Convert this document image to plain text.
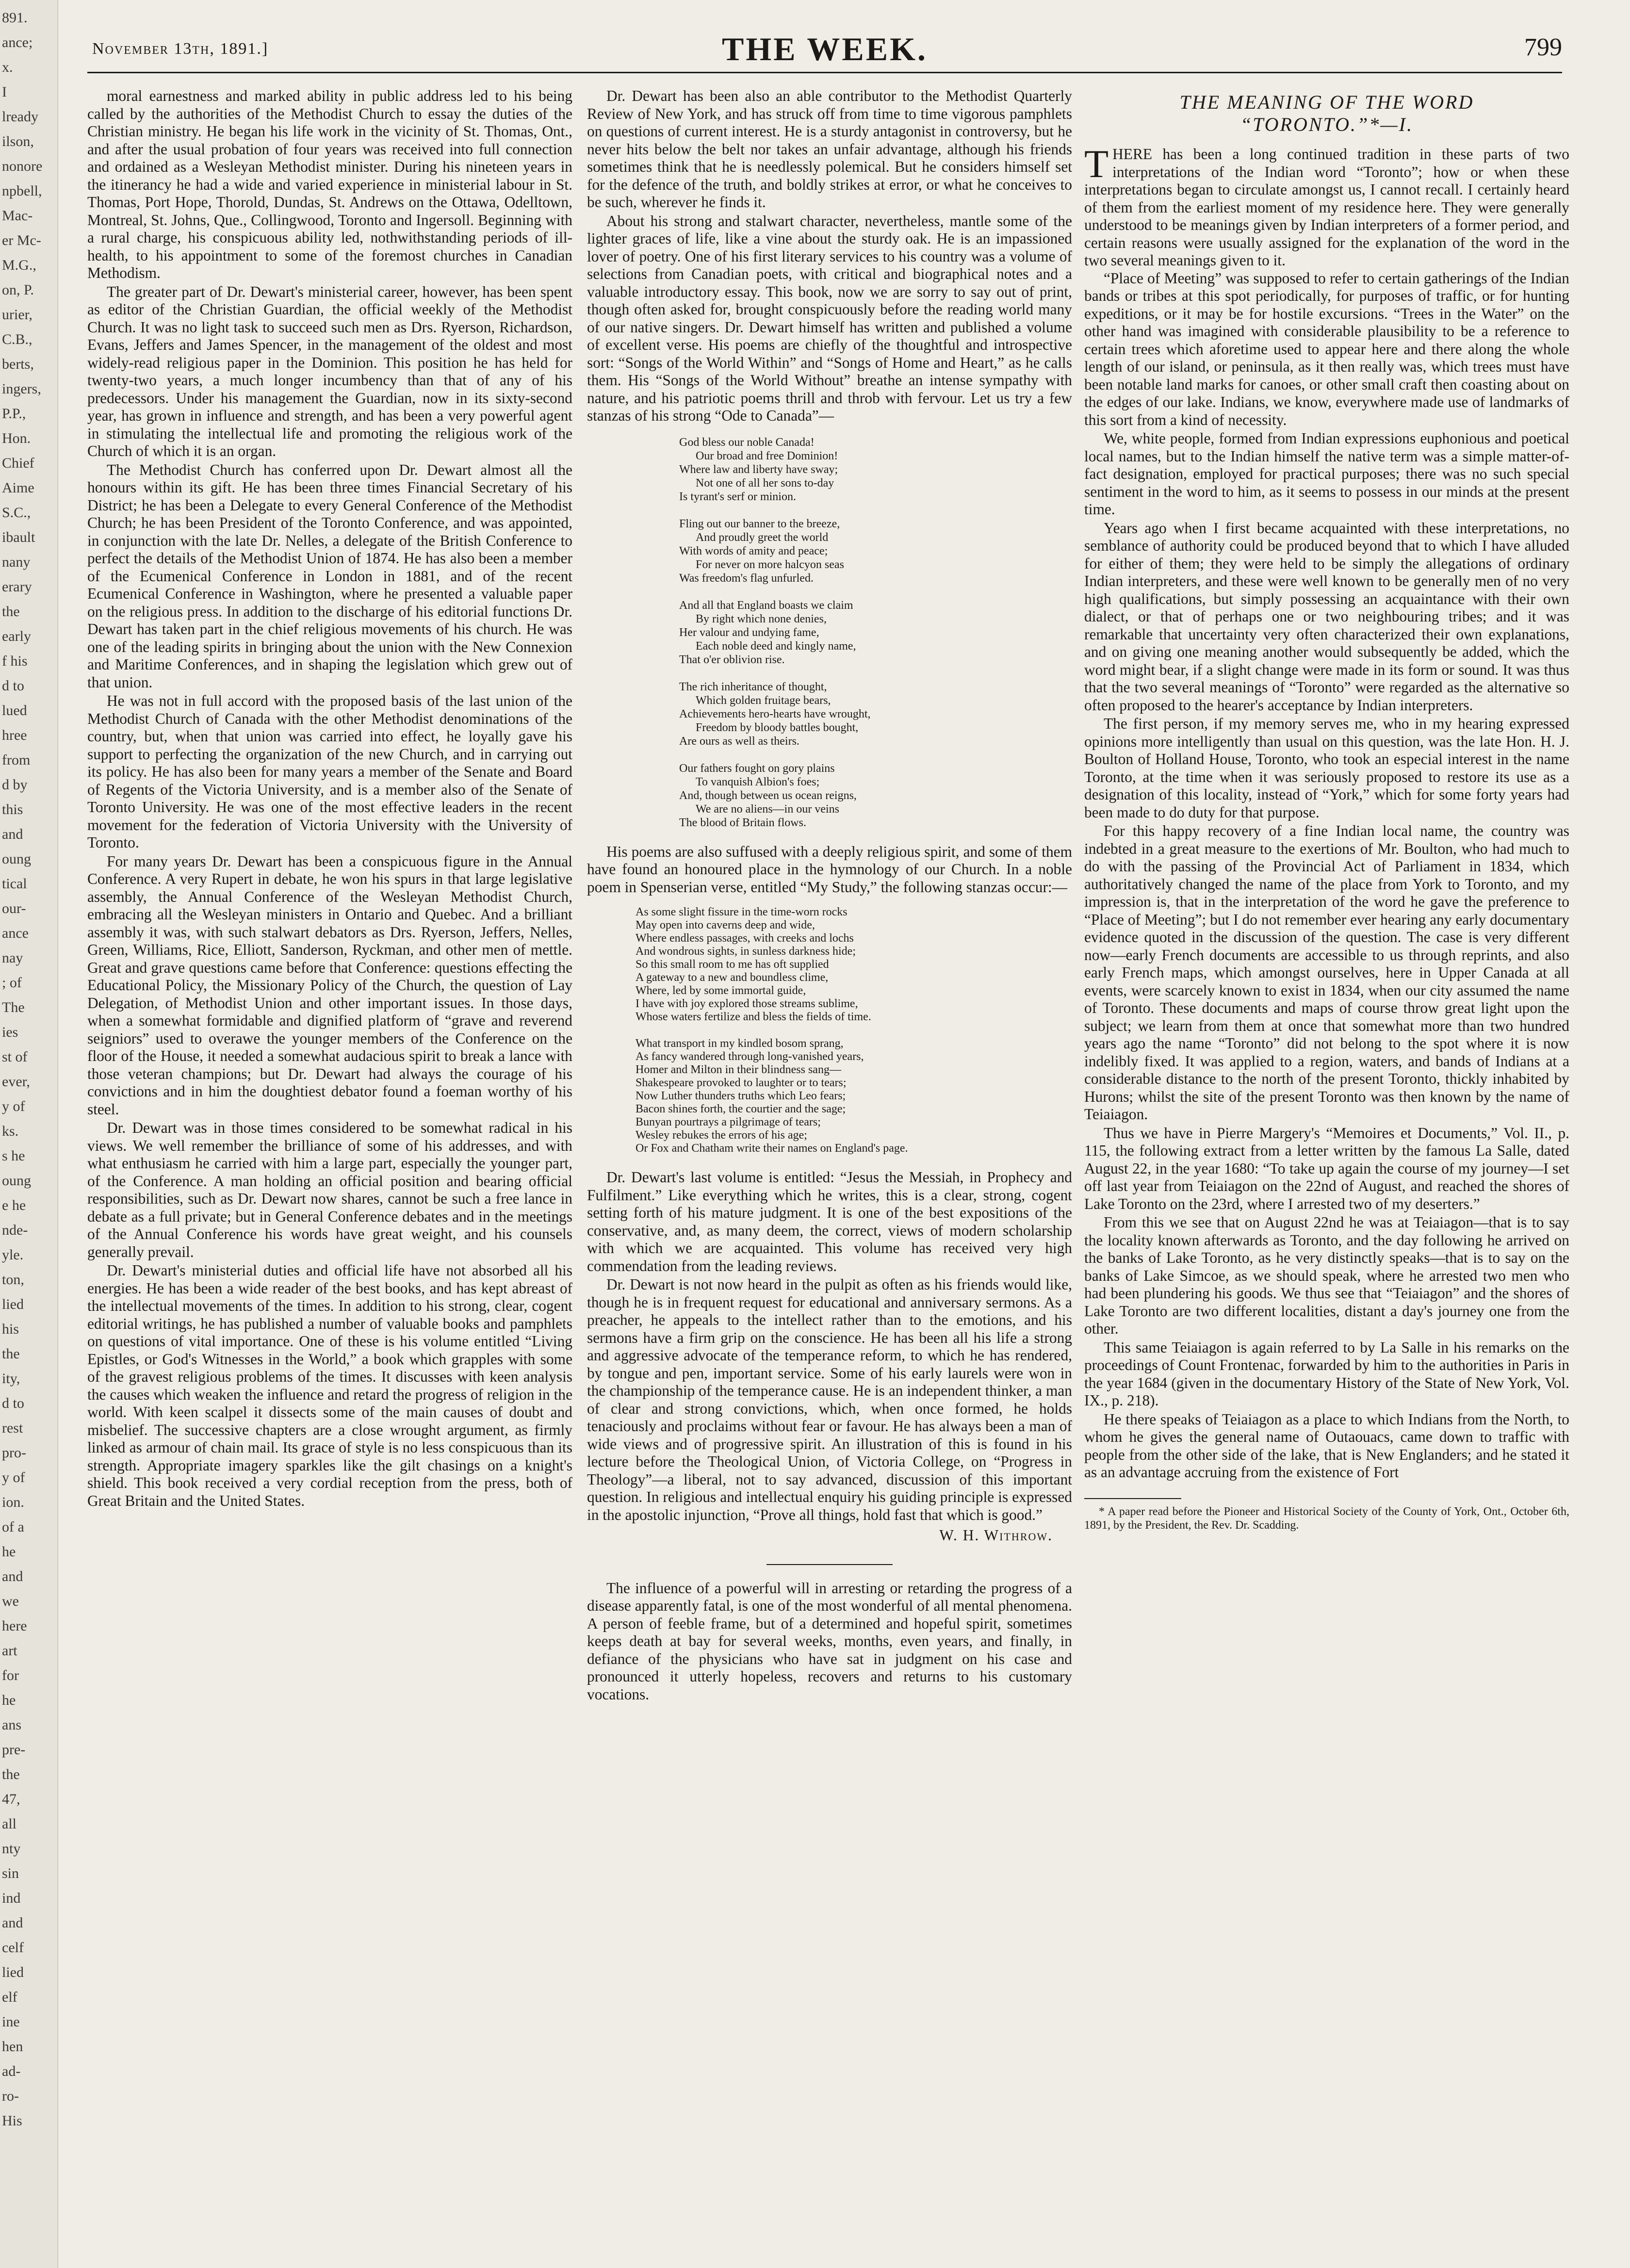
891.
ance;
x.
I
lready
ilson,
nonore
npbell,
Mac-
er Mc-
M.G.,
on, P.
urier,
C.B.,
berts,
ingers,
P.P.,
Hon.
Chief
Aime
S.C.,
ibault
nany
erary
the
early
f his
d to
lued
hree
from
d by
this
and
oung
tical
our-
ance
nay
; of
The
ies
st of
ever,
y of
ks.
s he
oung
e he
nde-
yle.
ton,
lied
his
the
ity,
d to
rest
pro-
y of
ion.
of a
he
and
we
here
art
for
he
ans
pre-
the
47,
all
nty
sin
ind
and
celf
lied
elf
ine
hen
ad-
ro-
His
November 13th, 1891.]	THE WEEK.	799

moral earnestness and marked ability in public address led to his being called by the authorities of the Methodist Church to essay the duties of the Christian ministry. He began his life work in the vicinity of St. Thomas, Ont., and after the usual probation of four years was received into full connection and ordained as a Wesleyan Methodist minister. During his nineteen years in the itinerancy he had a wide and varied experience in ministerial labour in St. Thomas, Port Hope, Thorold, Dundas, St. Andrews on the Ottawa, Odelltown, Montreal, St. Johns, Que., Collingwood, Toronto and Ingersoll. Beginning with a rural charge, his conspicuous ability led, nothwithstanding periods of ill-health, to his appointment to some of the foremost churches in Canadian Methodism.

The greater part of Dr. Dewart's ministerial career, however, has been spent as editor of the Christian Guardian, the official weekly of the Methodist Church. It was no light task to succeed such men as Drs. Ryerson, Richardson, Evans, Jeffers and James Spencer, in the management of the oldest and most widely-read religious paper in the Dominion. This position he has held for twenty-two years, a much longer incumbency than that of any of his predecessors. Under his management the Guardian, now in its sixty-second year, has grown in influence and strength, and has been a very powerful agent in stimulating the intellectual life and promoting the religious work of the Church of which it is an organ.

The Methodist Church has conferred upon Dr. Dewart almost all the honours within its gift. He has been three times Financial Secretary of his District; he has been a Delegate to every General Conference of the Methodist Church; he has been President of the Toronto Conference, and was appointed, in conjunction with the late Dr. Nelles, a delegate of the British Conference to perfect the details of the Methodist Union of 1874. He has also been a member of the Ecumenical Conference in London in 1881, and of the recent Ecumenical Conference in Washington, where he presented a valuable paper on the religious press. In addition to the discharge of his editorial functions Dr. Dewart has taken part in the chief religious movements of his church. He was one of the leading spirits in bringing about the union with the New Connexion and Maritime Conferences, and in shaping the legislation which grew out of that union.

He was not in full accord with the proposed basis of the last union of the Methodist Church of Canada with the other Methodist denominations of the country, but, when that union was carried into effect, he loyally gave his support to perfecting the organization of the new Church, and in carrying out its policy. He has also been for many years a member of the Senate and Board of Regents of the Victoria University, and is a member also of the Senate of Toronto University. He was one of the most effective leaders in the recent movement for the federation of Victoria University with the University of Toronto.

For many years Dr. Dewart has been a conspicuous figure in the Annual Conference. A very Rupert in debate, he won his spurs in that large legislative assembly, the Annual Conference of the Wesleyan Methodist Church, embracing all the Wesleyan ministers in Ontario and Quebec. And a brilliant assembly it was, with such stalwart debators as Drs. Ryerson, Jeffers, Nelles, Green, Williams, Rice, Elliott, Sanderson, Ryckman, and other men of mettle. Great and grave questions came before that Conference: questions effecting the Educational Policy, the Missionary Policy of the Church, the question of Lay Delegation, of Methodist Union and other important issues. In those days, when a somewhat formidable and dignified platform of “grave and reverend seigniors” used to overawe the younger members of the Conference on the floor of the House, it needed a somewhat audacious spirit to break a lance with those veteran champions; but Dr. Dewart had always the courage of his convictions and in him the doughtiest debator found a foeman worthy of his steel.

Dr. Dewart was in those times considered to be somewhat radical in his views. We well remember the brilliance of some of his addresses, and with what enthusiasm he carried with him a large part, especially the younger part, of the Conference. A man holding an official position and bearing official responsibilities, such as Dr. Dewart now shares, cannot be such a free lance in debate as a full private; but in General Conference debates and in the meetings of the Annual Conference his words have great weight, and his counsels generally prevail.

Dr. Dewart's ministerial duties and official life have not absorbed all his energies. He has been a wide reader of the best books, and has kept abreast of the intellectual movements of the times. In addition to his strong, clear, cogent editorial writings, he has published a number of valuable books and pamphlets on questions of vital importance. One of these is his volume entitled “Living Epistles, or God's Witnesses in the World,” a book which grapples with some of the gravest religious problems of the times. It discusses with keen analysis the causes which weaken the influence and retard the progress of religion in the world. With keen scalpel it dissects some of the main causes of doubt and misbelief. The successive chapters are a close wrought argument, as firmly linked as armour of chain mail. Its grace of style is no less conspicuous than its strength. Appropriate imagery sparkles like the gilt chasings on a knight's shield. This book received a very cordial reception from the press, both of Great Britain and the United States.

Dr. Dewart has been also an able contributor to the Methodist Quarterly Review of New York, and has struck off from time to time vigorous pamphlets on questions of current interest. He is a sturdy antagonist in controversy, but he never hits below the belt nor takes an unfair advantage, although his friends sometimes think that he is needlessly polemical. But he considers himself set for the defence of the truth, and boldly strikes at error, or what he conceives to be such, wherever he finds it.

About his strong and stalwart character, nevertheless, mantle some of the lighter graces of life, like a vine about the sturdy oak. He is an impassioned lover of poetry. One of his first literary services to his country was a volume of selections from Canadian poets, with critical and biographical notes and a valuable introductory essay. This book, now we are sorry to say out of print, though often asked for, brought conspicuously before the reading world many of our native singers. Dr. Dewart himself has written and published a volume of excellent verse. His poems are chiefly of the thoughtful and introspective sort: “Songs of the World Within” and “Songs of Home and Heart,” as he calls them. His “Songs of the World Without” breathe an intense sympathy with nature, and his patriotic poems thrill and throb with fervour. Let us try a few stanzas of his strong “Ode to Canada”—

God bless our noble Canada!
Our broad and free Dominion!
Where law and liberty have sway;
Not one of all her sons to-day
Is tyrant's serf or minion.
Fling out our banner to the breeze,
And proudly greet the world
With words of amity and peace;
For never on more halcyon seas
Was freedom's flag unfurled.
And all that England boasts we claim
By right which none denies,
Her valour and undying fame,
Each noble deed and kingly name,
That o'er oblivion rise.
The rich inheritance of thought,
Which golden fruitage bears,
Achievements hero-hearts have wrought,
Freedom by bloody battles bought,
Are ours as well as theirs.
Our fathers fought on gory plains
To vanquish Albion's foes;
And, though between us ocean reigns,
We are no aliens—in our veins
The blood of Britain flows.

His poems are also suffused with a deeply religious spirit, and some of them have found an honoured place in the hymnology of our Church. In a noble poem in Spenserian verse, entitled “My Study,” the following stanzas occur:—

As some slight fissure in the time-worn rocks
May open into caverns deep and wide,
Where endless passages, with creeks and lochs
And wondrous sights, in sunless darkness hide;
So this small room to me has oft supplied
A gateway to a new and boundless clime,
Where, led by some immortal guide,
I have with joy explored those streams sublime,
Whose waters fertilize and bless the fields of time.
What transport in my kindled bosom sprang,
As fancy wandered through long-vanished years,
Homer and Milton in their blindness sang—
Shakespeare provoked to laughter or to tears;
Now Luther thunders truths which Leo fears;
Bacon shines forth, the courtier and the sage;
Bunyan pourtrays a pilgrimage of tears;
Wesley rebukes the errors of his age;
Or Fox and Chatham write their names on England's page.

Dr. Dewart's last volume is entitled: “Jesus the Messiah, in Prophecy and Fulfilment.” Like everything which he writes, this is a clear, strong, cogent setting forth of his mature judgment. It is one of the best expositions of the conservative, and, as many deem, the correct, views of modern scholarship with which we are acquainted. This volume has received very high commendation from the leading reviews.

Dr. Dewart is not now heard in the pulpit as often as his friends would like, though he is in frequent request for educational and anniversary sermons. As a preacher, he appeals to the intellect rather than to the emotions, and his sermons have a firm grip on the conscience. He has been all his life a strong and aggressive advocate of the temperance reform, to which he has rendered, by tongue and pen, important service. Some of his early laurels were won in the championship of the temperance cause. He is an independent thinker, a man of clear and strong convictions, which, when once formed, he holds tenaciously and proclaims without fear or favour. He has always been a man of wide views and of progressive spirit. An illustration of this is found in his lecture before the Theological Union, of Victoria College, on “Progress in Theology”—a liberal, not to say advanced, discussion of this important question. In religious and intellectual enquiry his guiding principle is expressed in the apostolic injunction, “Prove all things, hold fast that which is good.”

W. H. Withrow.

The influence of a powerful will in arresting or retarding the progress of a disease apparently fatal, is one of the most wonderful of all mental phenomena. A person of feeble frame, but of a determined and hopeful spirit, sometimes keeps death at bay for several weeks, months, even years, and finally, in defiance of the physicians who have sat in judgment on his case and pronounced it utterly hopeless, recovers and returns to his customary vocations.

THE MEANING OF THE WORD
“TORONTO.”*—I.

THERE has been a long continued tradition in these parts of two interpretations of the Indian word “Toronto”; how or when these interpretations began to circulate amongst us, I cannot recall. I certainly heard of them from the earliest moment of my residence here. They were generally understood to be meanings given by Indian interpreters of a former period, and certain reasons were usually assigned for the explanation of the word in the two several meanings given to it.

“Place of Meeting” was supposed to refer to certain gatherings of the Indian bands or tribes at this spot periodically, for purposes of traffic, or for hunting expeditions, or it may be for hostile excursions. “Trees in the Water” on the other hand was imagined with considerable plausibility to be a reference to certain trees which aforetime used to appear here and there along the whole length of our island, or peninsula, as it then really was, which trees must have been notable land marks for canoes, or other small craft then coasting about on the edges of our lake. Indians, we know, everywhere made use of landmarks of this sort from a kind of necessity.

We, white people, formed from Indian expressions euphonious and poetical local names, but to the Indian himself the native term was a simple matter-of-fact designation, employed for practical purposes; there was no such special sentiment in the word to him, as it seems to possess in our minds at the present time.

Years ago when I first became acquainted with these interpretations, no semblance of authority could be produced beyond that to which I have alluded for either of them; they were held to be simply the allegations of ordinary Indian interpreters, and these were well known to be generally men of no very high qualifications, but simply possessing an acquaintance with their own dialect, or that of perhaps one or two neighbouring tribes; and it was remarkable that uncertainty very often characterized their own explanations, and on giving one meaning another would subsequently be added, which the word might bear, if a slight change were made in its form or sound. It was thus that the two several meanings of “Toronto” were regarded as the alternative so often proposed to the hearer's acceptance by Indian interpreters.

The first person, if my memory serves me, who in my hearing expressed opinions more intelligently than usual on this question, was the late Hon. H. J. Boulton of Holland House, Toronto, who took an especial interest in the name Toronto, at the time when it was seriously proposed to restore its use as a designation of this locality, instead of “York,” which for some forty years had been made to do duty for that purpose.

For this happy recovery of a fine Indian local name, the country was indebted in a great measure to the exertions of Mr. Boulton, who had much to do with the passing of the Provincial Act of Parliament in 1834, which authoritatively changed the name of the place from York to Toronto, and my impression is, that in the interpretation of the word he gave the preference to “Place of Meeting”; but I do not remember ever hearing any early documentary evidence quoted in the discussion of the question. The case is very different now—early French documents are accessible to us through reprints, and also early French maps, which amongst ourselves, here in Upper Canada at all events, were scarcely known to exist in 1834, when our city assumed the name of Toronto. These documents and maps of course throw great light upon the subject; we learn from them at once that somewhat more than two hundred years ago the name “Toronto” did not belong to the spot where it is now indelibly fixed. It was applied to a region, waters, and bands of Indians at a considerable distance to the north of the present Toronto, thickly inhabited by Hurons; whilst the site of the present Toronto was then known by the name of Teiaiagon.

Thus we have in Pierre Margery's “Memoires et Documents,” Vol. II., p. 115, the following extract from a letter written by the famous La Salle, dated August 22, in the year 1680: “To take up again the course of my journey—I set off last year from Teiaiagon on the 22nd of August, and reached the shores of Lake Toronto on the 23rd, where I arrested two of my deserters.”

From this we see that on August 22nd he was at Teiaiagon—that is to say the locality known afterwards as Toronto, and the day following he arrived on the banks of Lake Toronto, as he very distinctly speaks—that is to say on the banks of Lake Simcoe, as we should speak, where he arrested two men who had been plundering his goods. We thus see that “Teiaiagon” and the shores of Lake Toronto are two different localities, distant a day's journey one from the other.

This same Teiaiagon is again referred to by La Salle in his remarks on the proceedings of Count Frontenac, forwarded by him to the authorities in Paris in the year 1684 (given in the documentary History of the State of New York, Vol. IX., p. 218).

He there speaks of Teiaiagon as a place to which Indians from the North, to whom he gives the general name of Outaouacs, came down to traffic with people from the other side of the lake, that is New Englanders; and he stated it as an advantage accruing from the existence of Fort

* A paper read before the Pioneer and Historical Society of the County of York, Ont., October 6th, 1891, by the President, the Rev. Dr. Scadding.
